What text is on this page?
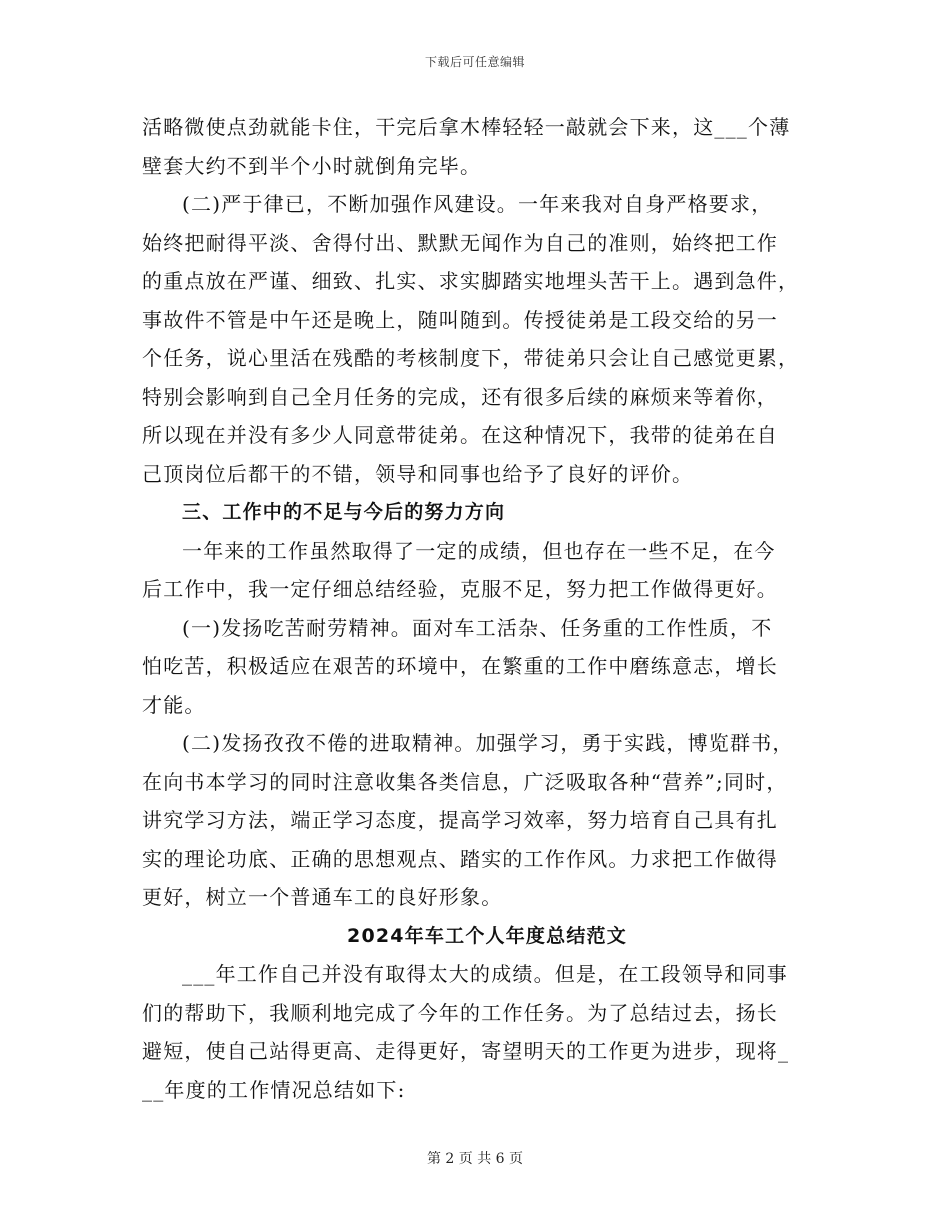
下载后可任意编辑
活略微使点劲就能卡住，干完后拿木棒轻轻一敲就会下来，这___个薄
壁套大约不到半个小时就倒角完毕。
(二)严于律已，不断加强作风建设。一年来我对自身严格要求，
始终把耐得平淡、舍得付出、默默无闻作为自己的准则，始终把工作
的重点放在严谨、细致、扎实、求实脚踏实地埋头苦干上。遇到急件，
事故件不管是中午还是晚上，随叫随到。传授徒弟是工段交给的另一
个任务，说心里活在残酷的考核制度下，带徒弟只会让自己感觉更累，
特别会影响到自己全月任务的完成，还有很多后续的麻烦来等着你，
所以现在并没有多少人同意带徒弟。在这种情况下，我带的徒弟在自
己顶岗位后都干的不错，领导和同事也给予了良好的评价。
三、工作中的不足与今后的努力方向
一年来的工作虽然取得了一定的成绩，但也存在一些不足，在今
后工作中，我一定仔细总结经验，克服不足，努力把工作做得更好。
(一)发扬吃苦耐劳精神。面对车工活杂、任务重的工作性质，不
怕吃苦，积极适应在艰苦的环境中，在繁重的工作中磨练意志，增长
才能。
(二)发扬孜孜不倦的进取精神。加强学习，勇于实践，博览群书，
在向书本学习的同时注意收集各类信息，广泛吸取各种“营养”;同时，
讲究学习方法，端正学习态度，提高学习效率，努力培育自己具有扎
实的理论功底、正确的思想观点、踏实的工作作风。力求把工作做得
更好，树立一个普通车工的良好形象。
2024年车工个人年度总结范文
___年工作自己并没有取得太大的成绩。但是，在工段领导和同事
们的帮助下，我顺利地完成了今年的工作任务。为了总结过去，扬长
避短，使自己站得更高、走得更好，寄望明天的工作更为进步，现将_
__年度的工作情况总结如下:
第 2 页 共 6 页
